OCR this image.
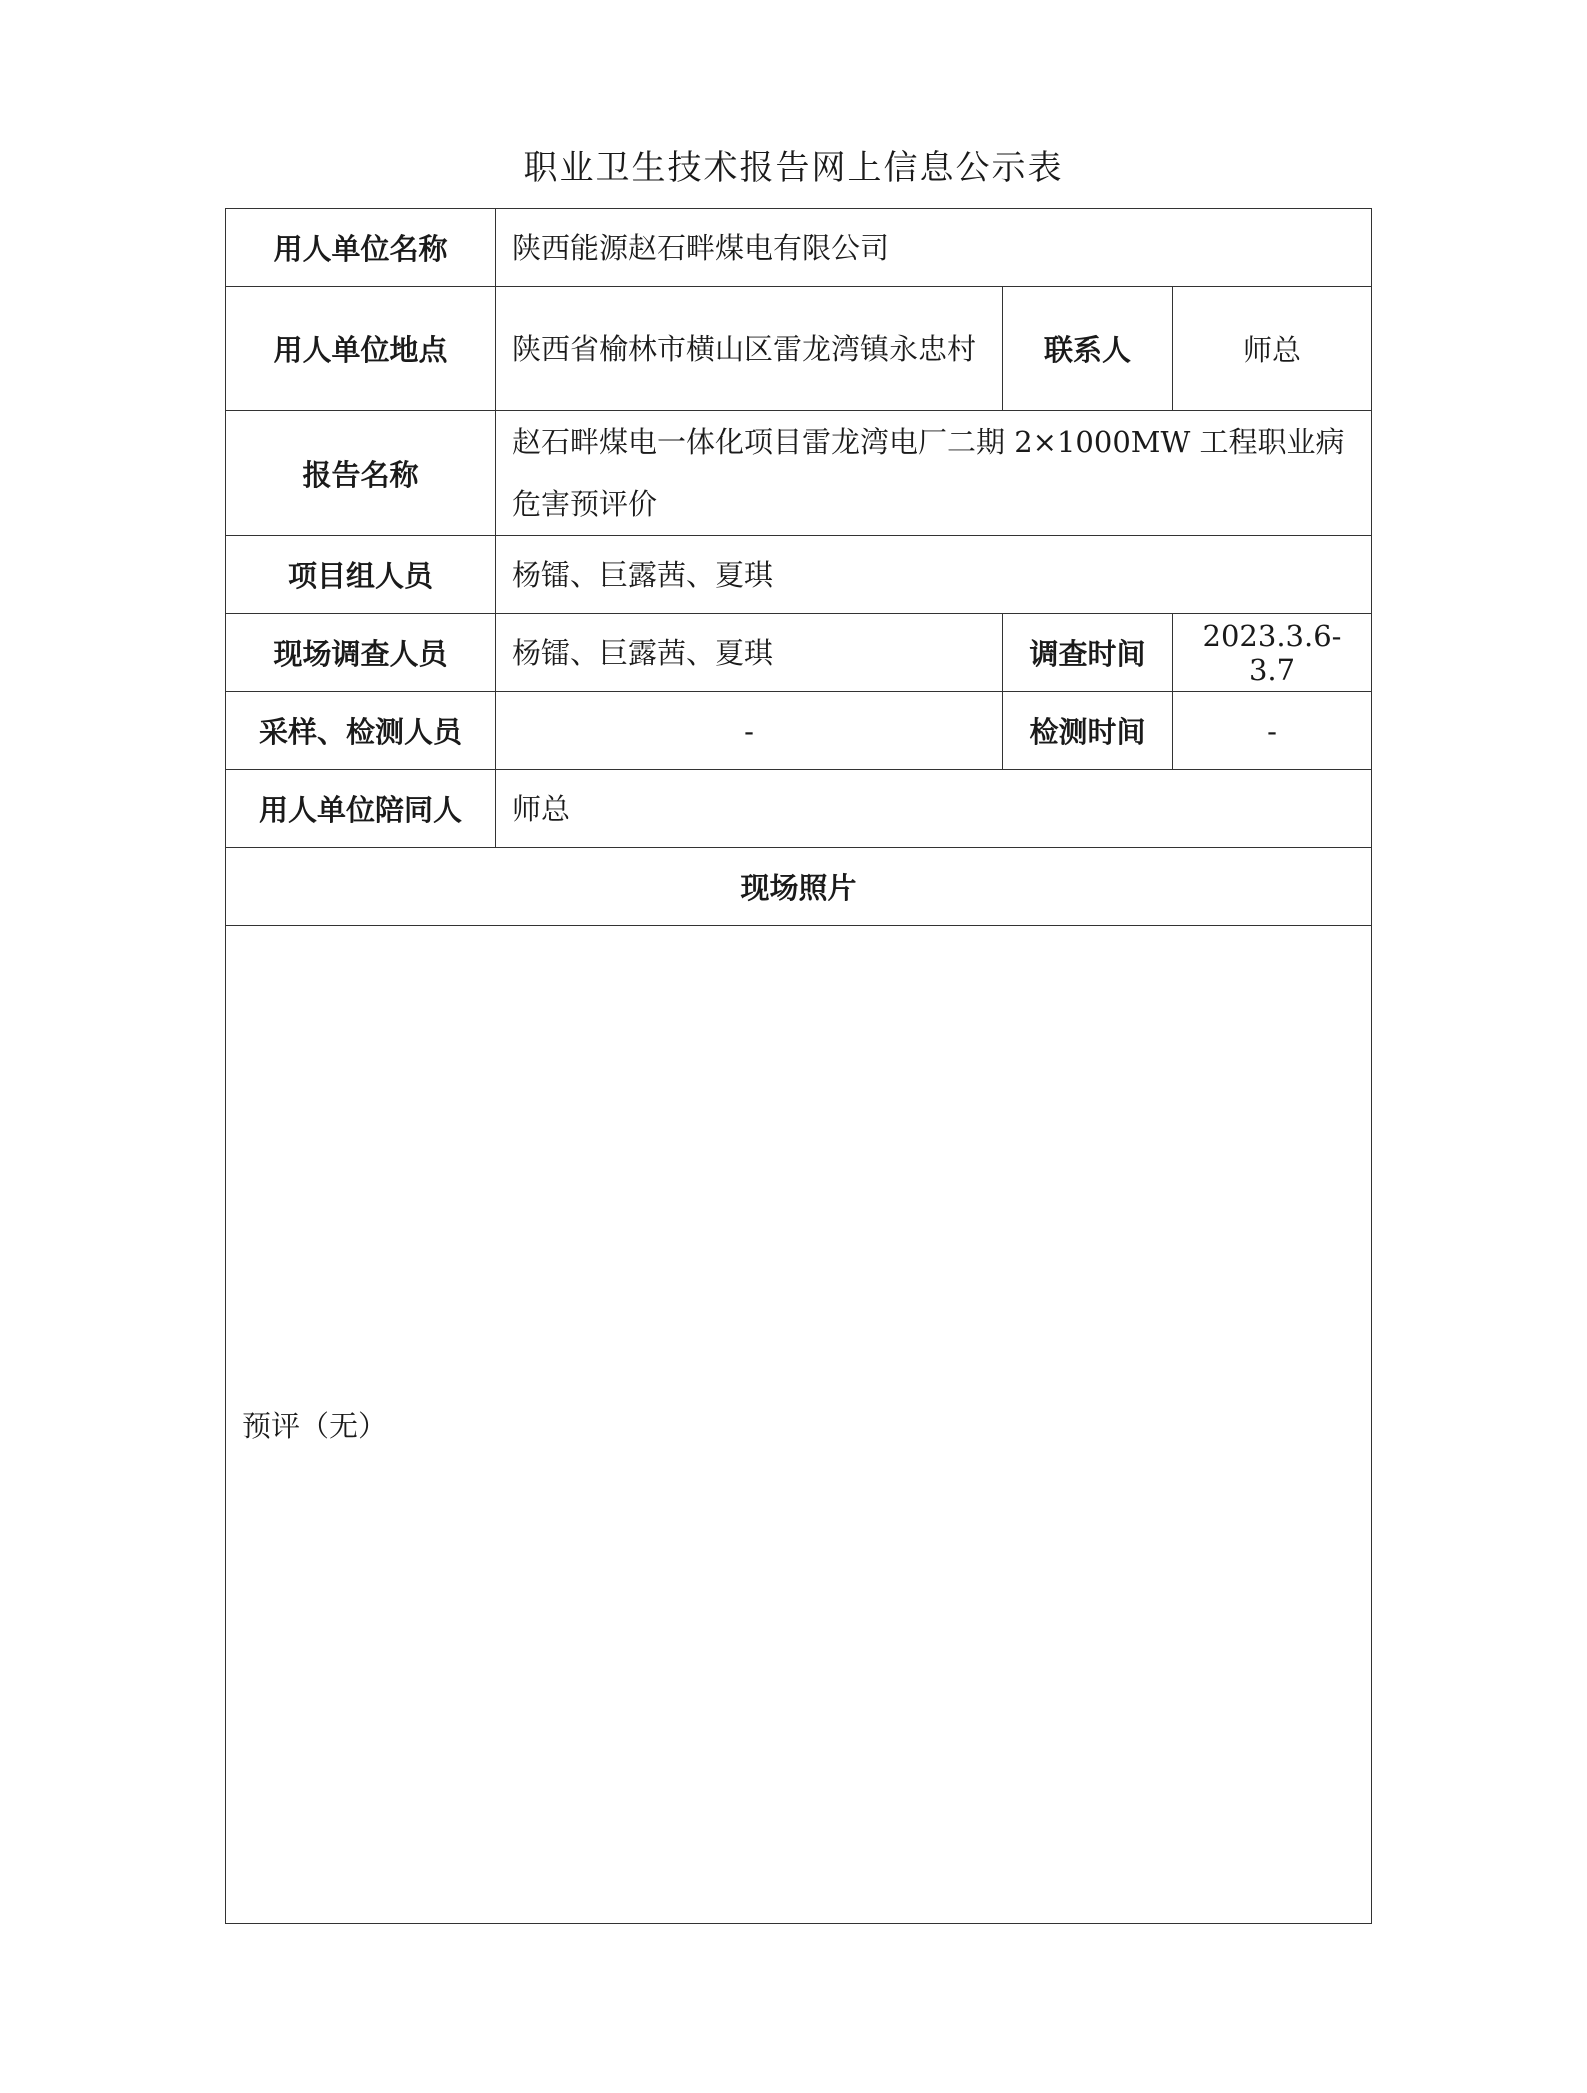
职业卫生技术报告网上信息公示表
用人单位名称	陕西能源赵石畔煤电有限公司		
用人单位地点	陕西省榆林市横山区雷龙湾镇永忠村	联系人	师总
报告名称	赵石畔煤电一体化项目雷龙湾电厂二期 2×1000MW 工程职业病危害预评价		
项目组人员	杨镭、巨露茜、夏琪		
现场调查人员	杨镭、巨露茜、夏琪	调查时间	2023.3.6-3.7
采样、检测人员	-	检测时间	-
用人单位陪同人	师总		
现场照片			
预评（无）			
